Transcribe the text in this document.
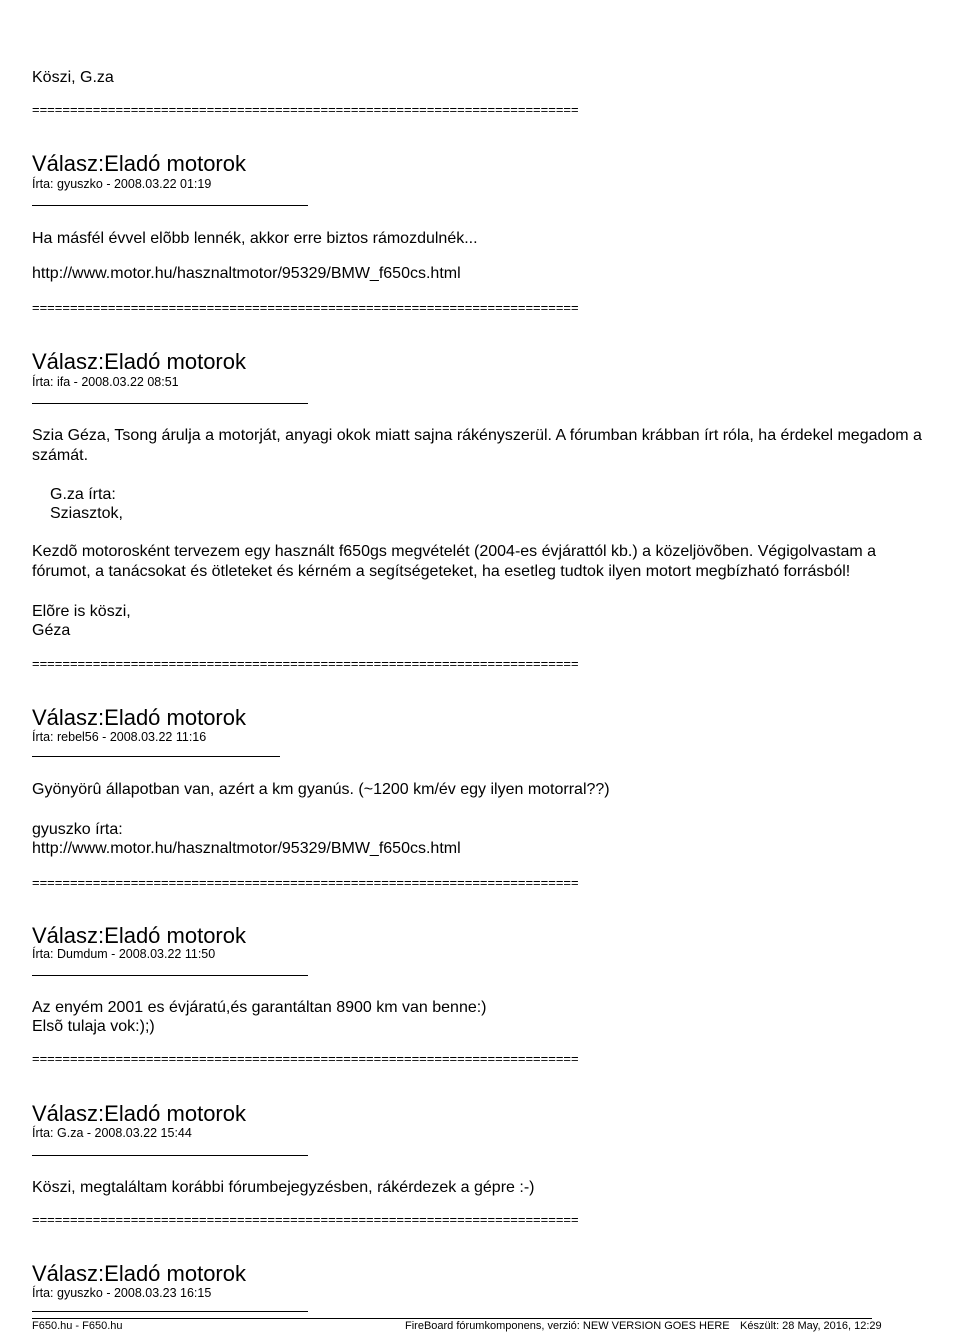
Köszi, G.za
========================================================================
Válasz:Eladó motorok
Írta: gyuszko - 2008.03.22 01:19
Ha másfél évvel elõbb lennék, akkor erre biztos rámozdulnék...
http://www.motor.hu/hasznaltmotor/95329/BMW_f650cs.html
========================================================================
Válasz:Eladó motorok
Írta: ifa - 2008.03.22 08:51
Szia Géza, Tsong árulja a motorját, anyagi okok miatt sajna rákényszerül. A fórumban krábban írt róla, ha érdekel megadom a számát.
G.za írta:
Sziasztok,
Kezdõ motorosként tervezem egy használt f650gs megvételét (2004-es évjárattól kb.) a közeljövõben. Végigolvastam a fórumot, a tanácsokat és ötleteket és kérném a segítségeteket, ha esetleg tudtok ilyen motort megbízható forrásból!
Elõre is köszi,
Géza
========================================================================
Válasz:Eladó motorok
Írta: rebel56 - 2008.03.22 11:16
Gyönyörû állapotban van, azért a km gyanús. (~1200 km/év egy ilyen motorral??)
gyuszko írta:
http://www.motor.hu/hasznaltmotor/95329/BMW_f650cs.html
========================================================================
Válasz:Eladó motorok
Írta: Dumdum - 2008.03.22 11:50
Az enyém 2001 es évjáratú,és garantáltan 8900 km van benne:)
Elsõ tulaja vok:);)
========================================================================
Válasz:Eladó motorok
Írta: G.za - 2008.03.22 15:44
Köszi, megtaláltam korábbi fórumbejegyzésben, rákérdezek a gépre :-)
========================================================================
Válasz:Eladó motorok
Írta: gyuszko - 2008.03.23 16:15
F650.hu - F650.hu	FireBoard fórumkomponens, verzió: NEW VERSION GOES HERE Készült: 28 May, 2016, 12:29
